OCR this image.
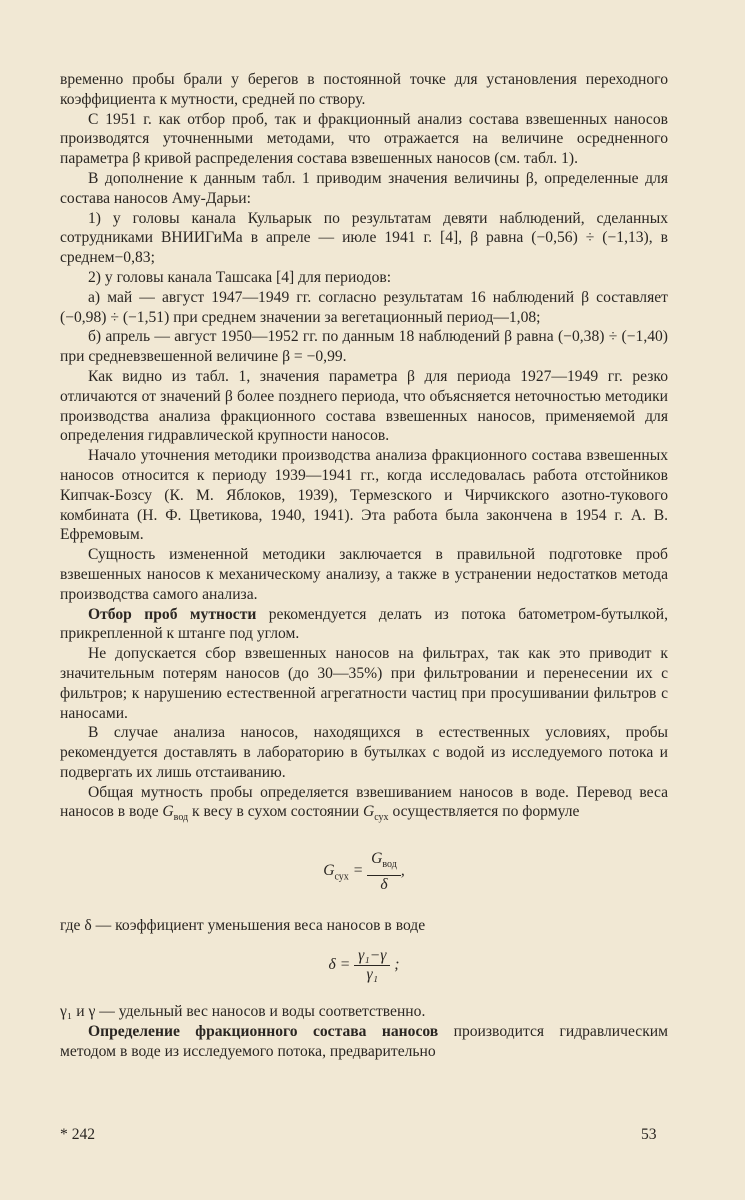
временно пробы брали у берегов в постоянной точке для установления переходного коэффициента к мутности, средней по створу.

С 1951 г. как отбор проб, так и фракционный анализ состава взвешенных наносов производятся уточненными методами, что отражается на величине осредненного параметра β кривой распределения состава взвешенных наносов (см. табл. 1).

В дополнение к данным табл. 1 приводим значения величины β, определенные для состава наносов Аму-Дарьи:

1) у головы канала Кульарык по результатам девяти наблюдений, сделанных сотрудниками ВНИИГиМа в апреле — июле 1941 г. [4], β равна (−0,56) ÷ (−1,13), в среднем−0,83;

2) у головы канала Ташсака [4] для периодов:

а) май — август 1947—1949 гг. согласно результатам 16 наблюдений β составляет (−0,98) ÷ (−1,51) при среднем значении за вегетационный период—1,08;

б) апрель — август 1950—1952 гг. по данным 18 наблюдений β равна (−0,38) ÷ (−1,40) при средневзвешенной величине β = −0,99.

Как видно из табл. 1, значения параметра β для периода 1927—1949 гг. резко отличаются от значений β более позднего периода, что объясняется неточностью методики производства анализа фракционного состава взвешенных наносов, применяемой для определения гидравлической крупности наносов.

Начало уточнения методики производства анализа фракционного состава взвешенных наносов относится к периоду 1939—1941 гг., когда исследовалась работа отстойников Кипчак-Бозсу (К. М. Яблоков, 1939), Термезского и Чирчикского азотно-тукового комбината (Н. Ф. Цветикова, 1940, 1941). Эта работа была закончена в 1954 г. А. В. Ефремовым.

Сущность измененной методики заключается в правильной подготовке проб взвешенных наносов к механическому анализу, а также в устранении недостатков метода производства самого анализа.

Отбор проб мутности рекомендуется делать из потока батометром-бутылкой, прикрепленной к штанге под углом.

Не допускается сбор взвешенных наносов на фильтрах, так как это приводит к значительным потерям наносов (до 30—35%) при фильтровании и перенесении их с фильтров; к нарушению естественной агрегатности частиц при просушивании фильтров с наносами.

В случае анализа наносов, находящихся в естественных условиях, пробы рекомендуется доставлять в лабораторию в бутылках с водой из исследуемого потока и подвергать их лишь отстаиванию.

Общая мутность пробы определяется взвешиванием наносов в воде. Перевод веса наносов в воде $G_{вод}$ к весу в сухом состоянии $G_{сух}$ осуществляется по формуле

$G_{сух} = \frac{G_{вод}}{\delta}$ ,

где δ — коэффициент уменьшения веса наносов в воде

$\delta = \frac{\text{γ₁−γ}}{\text{γ₁}}$ ;

γ₁ и γ — удельный вес наносов и воды соответственно.

Определение фракционного состава наносов производится гидравлическим методом в воде из исследуемого потока, предварительно

* 242	53
